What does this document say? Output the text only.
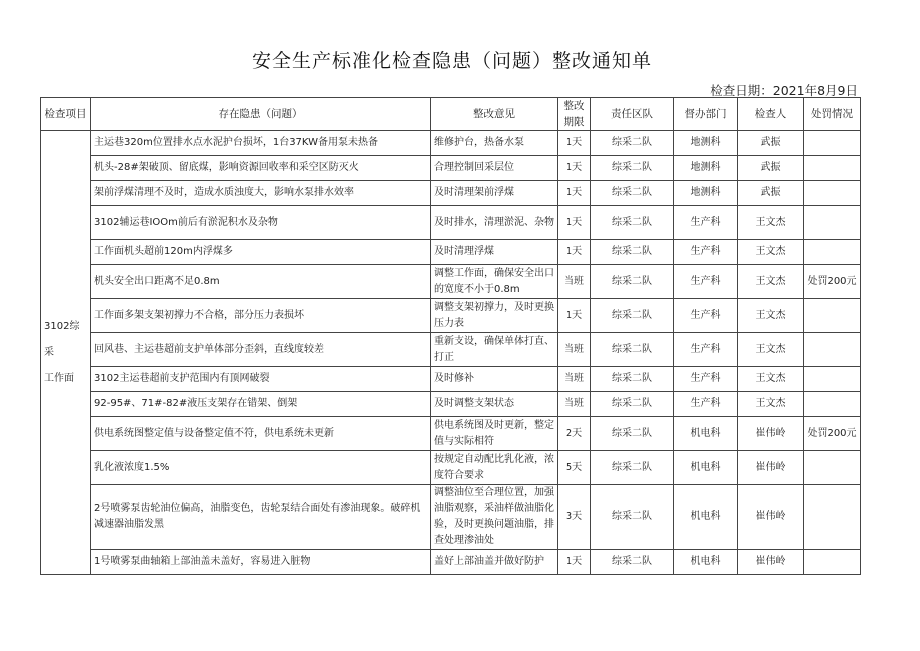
安全生产标准化检查隐患（问题）整改通知单
检查日期：2021年8月9日
检查项目	存在隐患（问题）	整改意见	整改期限	责任区队	督办部门	检查人	处罚情况

3102综采
工作面	主运巷320m位置排水点水泥护台损坏，1台37KW备用泵未热备	维修护台，热备水泵	1天	综采二队	地测科	武振	
	机头-28#架破顶、留底煤，影响资源回收率和采空区防灭火	合理控制回采层位	1天	综采二队	地测科	武振	
	架前浮煤清理不及时，造成水质浊度大，影响水泵排水效率	及时清理架前浮煤	1天	综采二队	地测科	武振	
	3102辅运巷IOOm前后有淤泥积水及杂物	及时排水，清理淤泥、杂物	1天	综采二队	生产科	王文杰	
	工作面机头超前120m内浮煤多	及时清理浮煤	1天	综采二队	生产科	王文杰	
	机头安全出口距离不足0.8m	调整工作面，确保安全出口的宽度不小于0.8m	当班	综采二队	生产科	王文杰	处罚200元
	工作面多架支架初撑力不合格，部分压力表损坏	调整支架初撑力，及时更换压力表	1天	综采二队	生产科	王文杰	
	回风巷、主运巷超前支护单体部分歪斜，直线度较差	重新支设，确保单体打直、打正	当班	综采二队	生产科	王文杰	
	3102主运巷超前支护范围内有顶网破裂	及时修补	当班	综采二队	生产科	王文杰	
	92-95#、71#-82#液压支架存在错架、倒架	及时调整支架状态	当班	综采二队	生产科	王文杰	
	供电系统图整定值与设备整定值不符，供电系统未更新	供电系统图及时更新，整定值与实际相符	2天	综采二队	机电科	崔伟岭	处罚200元
	乳化液浓度1.5%	按规定自动配比乳化液，浓度符合要求	5天	综采二队	机电科	崔伟岭	
	2号喷雾泵齿轮油位偏高，油脂变色，齿轮泵结合面处有渗油现象。破碎机减速器油脂发黑	调整油位至合理位置，加强油脂观察，采油样做油脂化验，及时更换问题油脂，排查处理渗油处	3天	综采二队	机电科	崔伟岭	
	1号喷雾泵曲轴箱上部油盖未盖好，容易进入脏物	盖好上部油盖并做好防护	1天	综采二队	机电科	崔伟岭	
